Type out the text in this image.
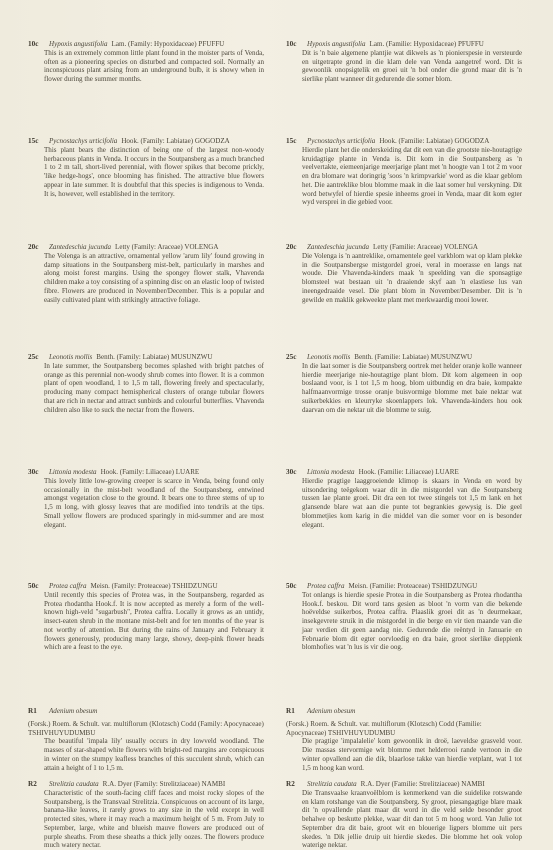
10c	Hypoxis angustifolia Lam. (Family: Hypoxidaceae) PFUFFU
This is an extremely common little plant found in the moister parts of Venda, often as a pioneering species on disturbed and compacted soil. Normally an inconspicuous plant arising from an underground bulb, it is showy when in flower during the summer months.
15c	Pycnostachys urticifolia Hook. (Family: Labiatae) GOGODZA
This plant bears the distinction of being one of the largest non-woody herbaceous plants in Venda. It occurs in the Soutpansberg as a much branched 1 to 2 m tall, short-lived perennial, with flower spikes that become prickly, 'like hedge-hogs', once blooming has finished. The attractive blue flowers appear in late summer. It is doubtful that this species is indigenous to Venda. It is, however, well established in the territory.
20c	Zantedeschia jucunda Letty (Family: Araceae) VOLENGA
The Volenga is an attractive, ornamental yellow 'arum lily' found growing in damp situations in the Soutpansberg mist-belt, particularly in marshes and along moist forest margins. Using the spongey flower stalk, Vhavenda children make a toy consisting of a spinning disc on an elastic loop of twisted fibre. Flowers are produced in November/December. This is a popular and easily cultivated plant with strikingly attractive foliage.
25c	Leonotis mollis Benth. (Family: Labiatae) MUSUNZWU
In late summer, the Soutpansberg becomes splashed with bright patches of orange as this perennial non-woody shrub comes into flower. It is a common plant of open woodland, 1 to 1,5 m tall, flowering freely and spectacularly, producing many compact hemispherical clusters of orange tubular flowers that are rich in nectar and attract sunbirds and colourful butterflies. Vhavenda children also like to suck the nectar from the flowers.
30c	Littonia modesta Hook. (Family: Liliaceae) LUARE
This lovely little low-growing creeper is scarce in Venda, being found only occasionally in the mist-belt woodland of the Soutpansberg, entwined amongst vegetation close to the ground. It bears one to three stems of up to 1,5 m long, with glossy leaves that are modified into tendrils at the tips. Small yellow flowers are produced sparingly in mid-summer and are most elegant.
50c	Protea caffra Meisn. (Family: Proteaceae) TSHIDZUNGU
Until recently this species of Protea was, in the Soutpansberg, regarded as Protea rhodantha Hook.f. It is now accepted as merely a form of the well-known high-veld "sugarbush", Protea caffra. Locally it grows as an untidy, insect-eaten shrub in the montane mist-belt and for ten months of the year is not worthy of attention. But during the rains of January and February it flowers generously, producing many large, showy, deep-pink flower heads which are a feast to the eye.
R1	Adenium obesum
(Forsk.) Roem. & Schult. var. multiflorum (Klotzsch) Codd (Family: Apocynaceae) TSHIVHUYUDUMBU
The beautiful 'impala lily' usually occurs in dry lowveld woodland. The masses of star-shaped white flowers with bright-red margins are conspicuous in winter on the stumpy leafless branches of this succulent shrub, which can attain a height of 1 to 1,5 m.
R2	Strelitzia caudata R.A. Dyer (Family: Strelitziaceae) NAMBI
Characteristic of the south-facing cliff faces and moist rocky slopes of the Soutpansberg, is the Transvaal Strelitzia. Conspicuous on account of its large, banana-like leaves, it rarely grows to any size in the veld except in well protected sites, where it may reach a maximum height of 5 m. From July to September, large, white and blueish mauve flowers are produced out of purple sheaths. From these sheaths a thick jelly oozes. The flowers produce much watery nectar.
10c	Hypoxis angustifolia Lam. (Familie: Hypoxidaceae) PFUFFU
Dit is 'n baie algemene plantjie wat dikwels as 'n pionierspesie in versteurde en uitgetrapte grond in die klam dele van Venda aangetref word. Dit is gewoonlik onopsigtelik en groei uit 'n bol onder die grond maar dit is 'n sierlike plant wanneer dit gedurende die somer blom.
15c	Pycnostachys urticifolia Hook. (Familie: Labiatae) GOGODZA
Hierdie plant het die onderskeiding dat dit een van die grootste nie-houtagtige kruidagtige plante in Venda is. Dit kom in die Soutpansberg as 'n veelvertakte, eiemeenjarige meerjarige plant met 'n hoogte van 1 tot 2 m voor en dra blomare wat doringrig 'soos 'n krimpvarkie' word as die klaar geblom het. Die aantreklike blou blomme maak in die laat somer hul verskyning. Dit word betwyfel of hierdie spesie inheems groei in Venda, maar dit kom egter wyd versprei in die gebied voor.
20c	Zantedeschia jucunda Letty (Familie: Araceae) VOLENGA
Die Volenga is 'n aantreklike, ornamentele geel varkblom wat op klam plekke in die Soutpansbergse mistgordel groei, veral in moerasse en langs nat woude. Die Vhavenda-kinders maak 'n speelding van die sponsagtige blomsteel wat bestaan uit 'n draaiende skyf aan 'n elastiese lus van ineengedraaide vesel. Die plant blom in November/Desember. Dit is 'n gewilde en maklik gekweekte plant met merkwaardig mooi lower.
25c	Leonotis mollis Benth. (Familie: Labiatae) MUSUNZWU
In die laat somer is die Soutpansberg oortrek met helder oranje kolle wanneer hierdie meerjarige nie-houtagtige plant blom. Dit kom algemeen in oop boslaand voor, is 1 tot 1,5 m hoog, blom uitbundig en dra baie, kompakte halfmaanvormige trosse oranje buisvormige blomme met baie nektar wat suikerbekkies en kleurryke skoenlappers lok. Vhavenda-kinders hou ook daarvan om die nektar uit die blomme te suig.
30c	Littonia modesta Hook. (Familie: Liliaceae) LUARE
Hierdie pragtige laaggroeiende klimop is skaars in Venda en word by uitsondering teëgekom waar dit in die mistgordel van die Soutpansberg tussen lae plante groei. Dit dra een tot twee stingels tot 1,5 m lank en het glansende blare wat aan die punte tot begrankies gewysig is. Die geel blommetjies kom karig in die middel van die somer voor en is besonder elegant.
50c	Protea caffra Meisn. (Familie: Proteaceae) TSHIDZUNGU
Tot onlangs is hierdie spesie Protea in die Soutpansberg as Protea rhodantha Hook.f. beskou. Dit word tans gesien as bloot 'n vorm van die bekende hoëveldse suikerbos, Protea caffra. Plaaslik groei dit as 'n deurmekaar, insekgevrete struik in die mistgordel in die berge en vir tien maande van die jaar verdien dit geen aandag nie. Gedurende die reëntyd in Januarie en Februarie blom dit egter oorvloedig en dra baie, groot sierlike dieppienk blomhofies wat 'n lus is vir die oog.
R1	Adenium obesum
(Forsk.) Roem. & Schult. var. multiflorum (Klotzsch) Codd (Familie: Apocynaceae) TSHIVHUYUDUMBU
Die pragtige 'impalalelie' kom gewoonlik in droë, laeveldse grasveld voor. Die massas stervormige wit blomme met helderrooi rande vertoon in die winter opvallend aan die dik, blaarlose takke van hierdie vetplant, wat 1 tot 1,5 m hoog kan word.
R2	Strelitzia caudata R.A. Dyer (Familie: Strelitziaceae) NAMBI
Die Transvaalse kraanvoëlblom is kenmerkend van die suidelike rotswande en klam rotshange van die Soutpansberg. Sy groot, piesangagtige blare maak dit 'n opvallende plant maar dit word in die veld selde besonder groot behalwe op beskutte plekke, waar dit dan tot 5 m hoog word. Van Julie tot September dra dit baie, groot wit en blouerige ligpers blomme uit pers skedes. 'n Dik jellie druip uit hierdie skedes. Die blomme het ook volop waterige nektar.
